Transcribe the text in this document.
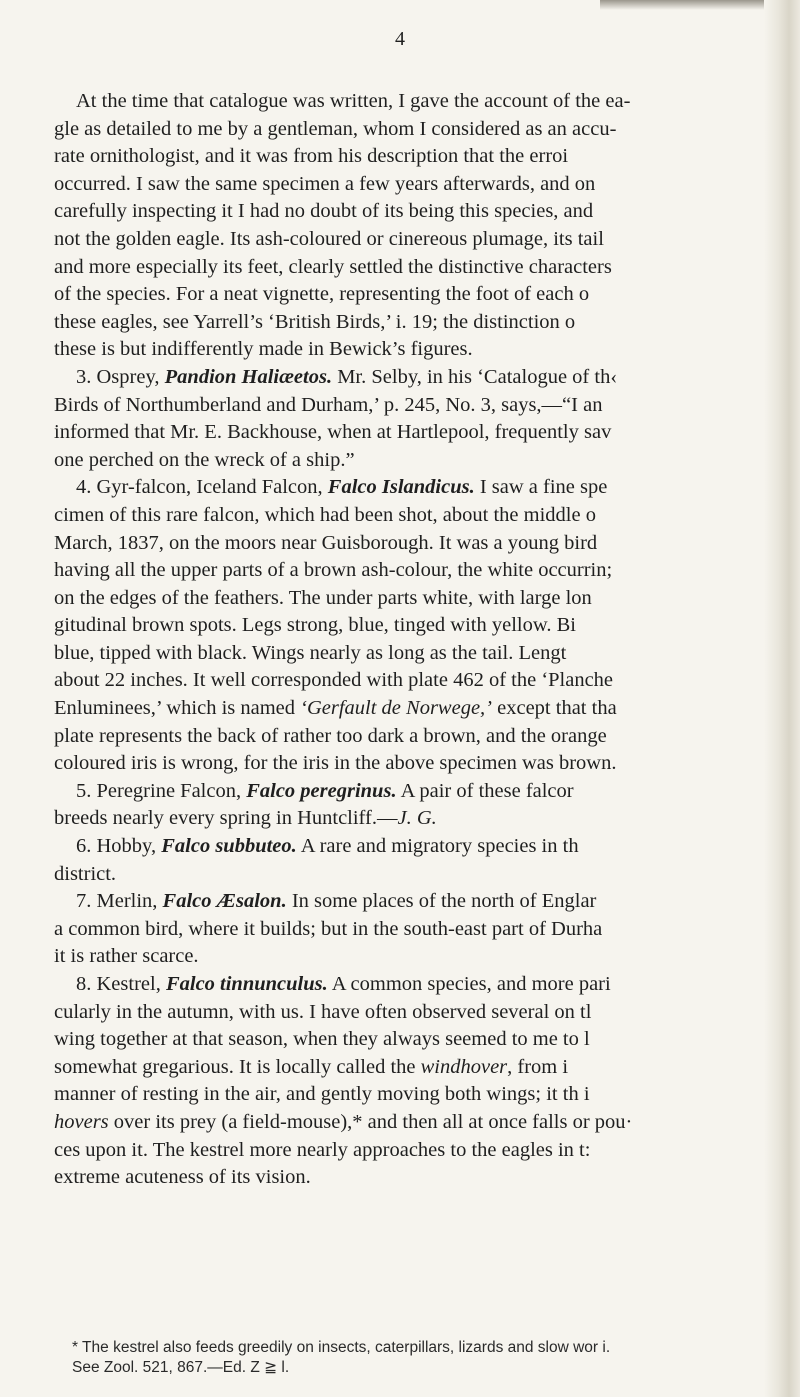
4
At the time that catalogue was written, I gave the account of the ea-
gle as detailed to me by a gentleman, whom I considered as an accu-
rate ornithologist, and it was from his description that the erroi
occurred. I saw the same specimen a few years afterwards, and on
carefully inspecting it I had no doubt of its being this species, and
not the golden eagle. Its ash-coloured or cinereous plumage, its tail
and more especially its feet, clearly settled the distinctive characters
of the species. For a neat vignette, representing the foot of each o
these eagles, see Yarrell’s ‘British Birds,’ i. 19; the distinction o
these is but indifferently made in Bewick’s figures.
3. Osprey, Pandion Haliæetos. Mr. Selby, in his ‘Catalogue of th‹
Birds of Northumberland and Durham,’ p. 245, No. 3, says,—“I an
informed that Mr. E. Backhouse, when at Hartlepool, frequently sav
one perched on the wreck of a ship.”
4. Gyr-falcon, Iceland Falcon, Falco Islandicus. I saw a fine spe
cimen of this rare falcon, which had been shot, about the middle o
March, 1837, on the moors near Guisborough. It was a young bird
having all the upper parts of a brown ash-colour, the white occurrin;
on the edges of the feathers. The under parts white, with large lon
gitudinal brown spots. Legs strong, blue, tinged with yellow. Bi
blue, tipped with black. Wings nearly as long as the tail. Lengt
about 22 inches. It well corresponded with plate 462 of the ‘Planche
Enluminees,’ which is named ‘Gerfault de Norwege,’ except that tha
plate represents the back of rather too dark a brown, and the orange
coloured iris is wrong, for the iris in the above specimen was brown.
5. Peregrine Falcon, Falco peregrinus. A pair of these falcor
breeds nearly every spring in Huntcliff.—J. G.
6. Hobby, Falco subbuteo. A rare and migratory species in th
district.
7. Merlin, Falco Æsalon. In some places of the north of Englar
a common bird, where it builds; but in the south-east part of Durha
it is rather scarce.
8. Kestrel, Falco tinnunculus. A common species, and more pari
cularly in the autumn, with us. I have often observed several on tl
wing together at that season, when they always seemed to me to l
somewhat gregarious. It is locally called the windhover, from i
manner of resting in the air, and gently moving both wings; it th i
hovers over its prey (a field-mouse),* and then all at once falls or pou·
ces upon it. The kestrel more nearly approaches to the eagles in t:
extreme acuteness of its vision.
* The kestrel also feeds greedily on insects, caterpillars, lizards and slow wor i.
See Zool. 521, 867.—Ed. Z ≧ l.
